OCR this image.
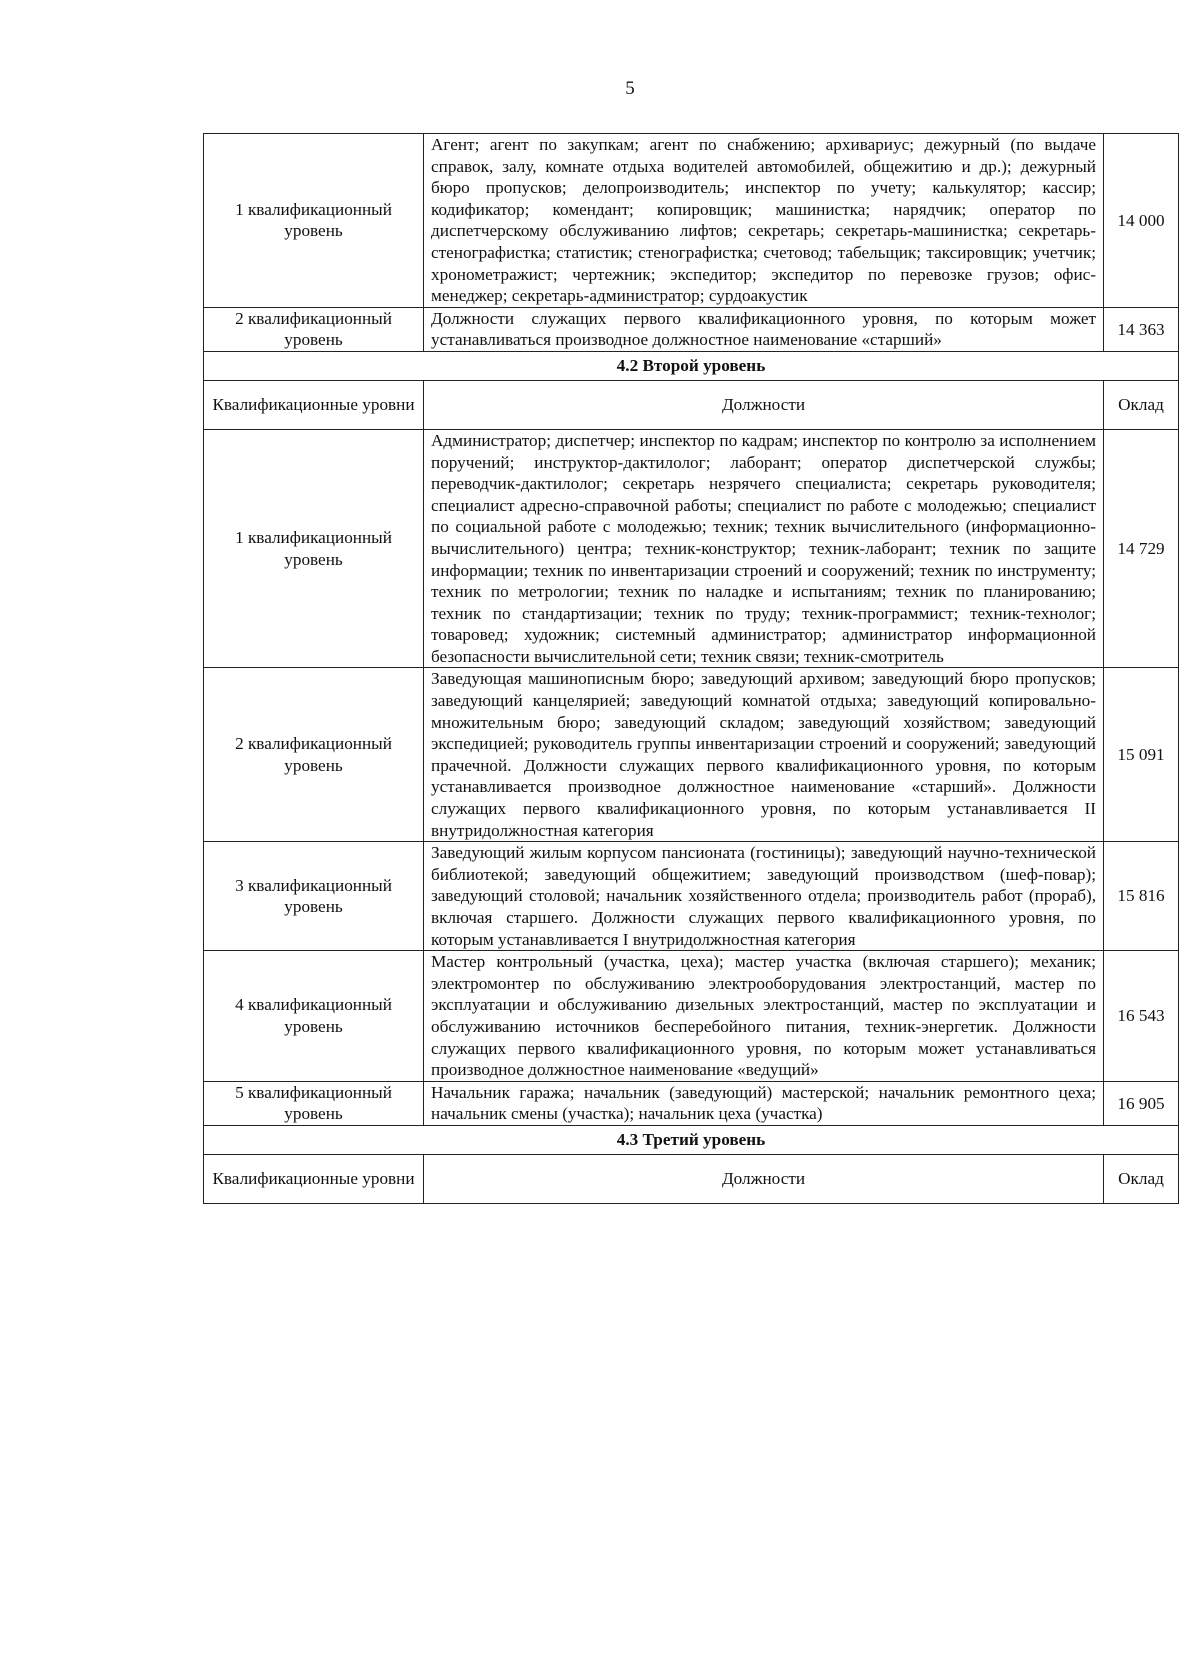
5
1 квалификационный уровень	Агент; агент по закупкам; агент по снабжению; архивариус; дежурный (по выдаче справок, залу, комнате отдыха водителей автомобилей, общежитию и др.); дежурный бюро пропусков; делопроизводитель; инспектор по учету; калькулятор; кассир; кодификатор; комендант; копировщик; машинистка; нарядчик; оператор по диспетчерскому обслуживанию лифтов; секретарь; секретарь-машинистка; секретарь-стенографистка; статистик; стенографистка; счетовод; табельщик; таксировщик; учетчик; хронометражист; чертежник; экспедитор; экспедитор по перевозке грузов; офис-менеджер; секретарь-администратор; сурдоакустик	14 000
2 квалификационный уровень	Должности служащих первого квалификационного уровня, по которым может устанавливаться производное должностное наименование «старший»	14 363
4.2 Второй уровень		
Квалификационные уровни	Должности	Оклад
1 квалификационный уровень	Администратор; диспетчер; инспектор по кадрам; инспектор по контролю за исполнением поручений; инструктор-дактилолог; лаборант; оператор диспетчерской службы; переводчик-дактилолог; секретарь незрячего специалиста; секретарь руководителя; специалист адресно-справочной работы; специалист по работе с молодежью; специалист по социальной работе с молодежью; техник; техник вычислительного (информационно-вычислительного) центра; техник-конструктор; техник-лаборант; техник по защите информации; техник по инвентаризации строений и сооружений; техник по инструменту; техник по метрологии; техник по наладке и испытаниям; техник по планированию; техник по стандартизации; техник по труду; техник-программист; техник-технолог; товаровед; художник; системный администратор; администратор информационной безопасности вычислительной сети; техник связи; техник-смотритель	14 729
2 квалификационный уровень	Заведующая машинописным бюро; заведующий архивом; заведующий бюро пропусков; заведующий канцелярией; заведующий комнатой отдыха; заведующий копировально-множительным бюро; заведующий складом; заведующий хозяйством; заведующий экспедицией; руководитель группы инвентаризации строений и сооружений; заведующий прачечной. Должности служащих первого квалификационного уровня, по которым устанавливается производное должностное наименование «старший». Должности служащих первого квалификационного уровня, по которым устанавливается II внутридолжностная категория	15 091
3 квалификационный уровень	Заведующий жилым корпусом пансионата (гостиницы); заведующий научно-технической библиотекой; заведующий общежитием; заведующий производством (шеф-повар); заведующий столовой; начальник хозяйственного отдела; производитель работ (прораб), включая старшего. Должности служащих первого квалификационного уровня, по которым устанавливается I внутридолжностная категория	15 816
4 квалификационный уровень	Мастер контрольный (участка, цеха); мастер участка (включая старшего); механик; электромонтер по обслуживанию электрооборудования электростанций, мастер по эксплуатации и обслуживанию дизельных электростанций, мастер по эксплуатации и обслуживанию источников бесперебойного питания, техник-энергетик. Должности служащих первого квалификационного уровня, по которым может устанавливаться производное должностное наименование «ведущий»	16 543
5 квалификационный уровень	Начальник гаража; начальник (заведующий) мастерской; начальник ремонтного цеха; начальник смены (участка); начальник цеха (участка)	16 905
4.3 Третий уровень		
Квалификационные уровни	Должности	Оклад
